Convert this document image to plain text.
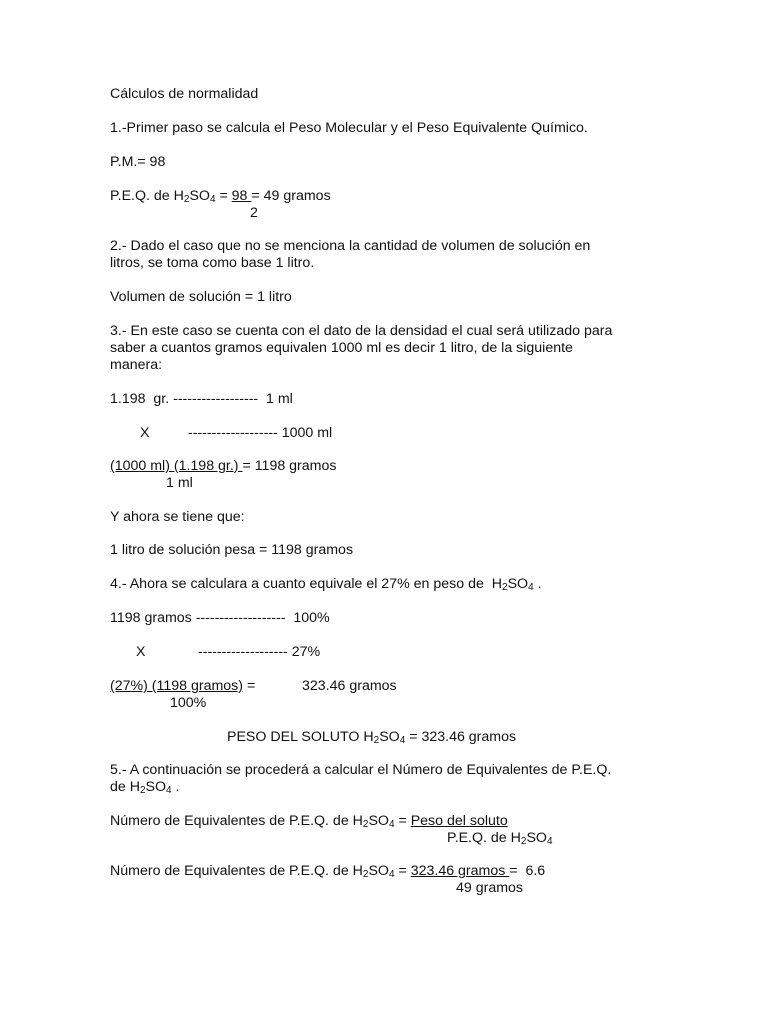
Cálculos de normalidad
1.-Primer paso se calcula el Peso Molecular y el Peso Equivalente Químico.
P.M.= 98
P.E.Q. de $H_2SO_4 = 98 = 49$ gramos
2
2.- Dado el caso que no se menciona la cantidad de volumen de solución en
litros, se toma como base 1 litro.
Volumen de solución = 1 litro
3.- En este caso se cuenta con el dato de la densidad el cual será utilizado para
saber a cuantos gramos equivalen 1000 ml es decir 1 litro, de la siguiente
manera:
1.198  gr. ------------------  1 ml
X	------------------- 1000 ml
(1000 ml) (1.198 gr.) = 1198 gramos
1 ml
Y ahora se tiene que:
1 litro de solución pesa = 1198 gramos
4.- Ahora se calculara a cuanto equivale el 27% en peso de  $H_2SO_4$ .
1198 gramos -------------------  100%
X	------------------- 27%
(27%) (1198 gramos) =	323.46 gramos
100%
PESO DEL SOLUTO $H_2SO_4 = 323.46$ gramos
5.- A continuación se procederá a calcular el Número de Equivalentes de P.E.Q.
de $H_2SO_4$ .
Número de Equivalentes de P.E.Q. de $H_2SO_4$ = Peso del soluto
P.E.Q. de $H_2SO_4$
Número de Equivalentes de P.E.Q. de $H_2SO_4 = 323.46$ gramos =  6.6
49 gramos
